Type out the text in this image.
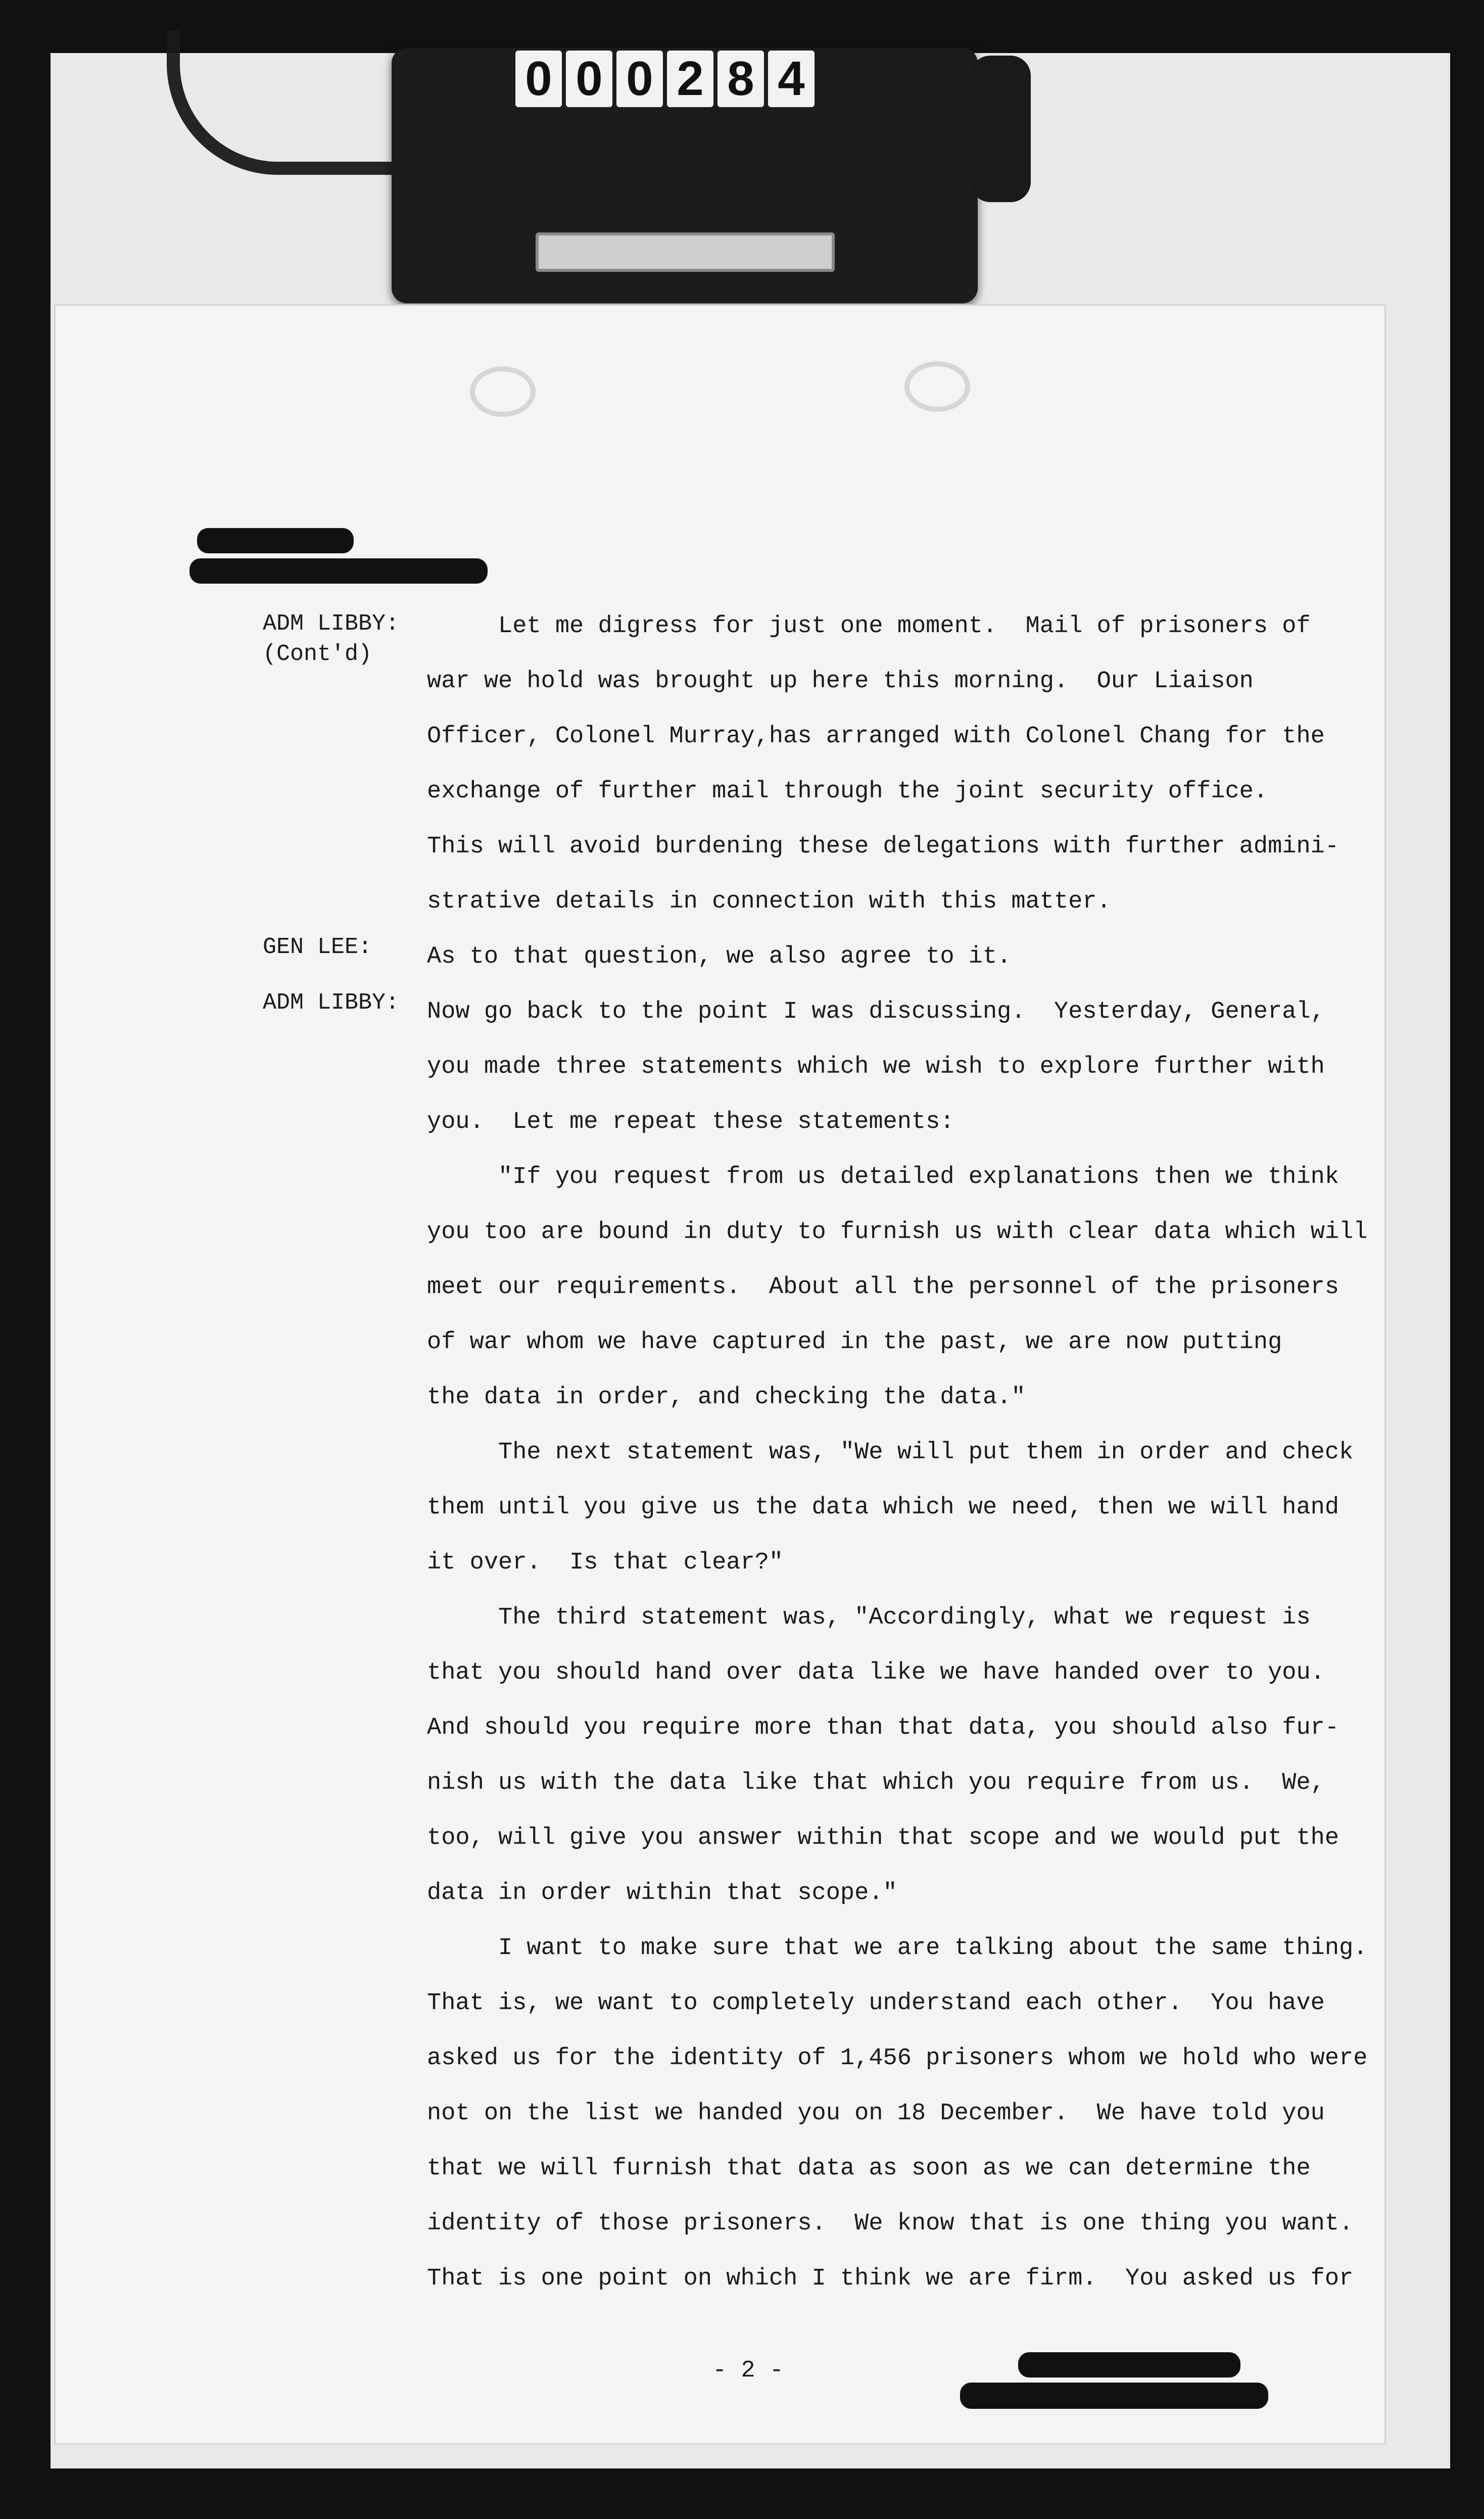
0 0 0 2 8 4
ADM LIBBY:
(Cont'd)
Let me digress for just one moment.  Mail of prisoners of
war we hold was brought up here this morning.  Our Liaison
Officer, Colonel Murray,has arranged with Colonel Chang for the
exchange of further mail through the joint security office.
This will avoid burdening these delegations with further admini-
strative details in connection with this matter.
GEN LEE: As to that question, we also agree to it.
ADM LIBBY: Now go back to the point I was discussing.  Yesterday, General,
you made three statements which we wish to explore further with
you.  Let me repeat these statements:
"If you request from us detailed explanations then we think
you too are bound in duty to furnish us with clear data which will
meet our requirements.  About all the personnel of the prisoners
of war whom we have captured in the past, we are now putting
the data in order, and checking the data."
The next statement was, "We will put them in order and check
them until you give us the data which we need, then we will hand
it over.  Is that clear?"
The third statement was, "Accordingly, what we request is
that you should hand over data like we have handed over to you.
And should you require more than that data, you should also fur-
nish us with the data like that which you require from us.  We,
too, will give you answer within that scope and we would put the
data in order within that scope."
I want to make sure that we are talking about the same thing.
That is, we want to completely understand each other.  You have
asked us for the identity of 1,456 prisoners whom we hold who were
not on the list we handed you on 18 December.  We have told you
that we will furnish that data as soon as we can determine the
identity of those prisoners.  We know that is one thing you want.
That is one point on which I think we are firm.  You asked us for
- 2 -
